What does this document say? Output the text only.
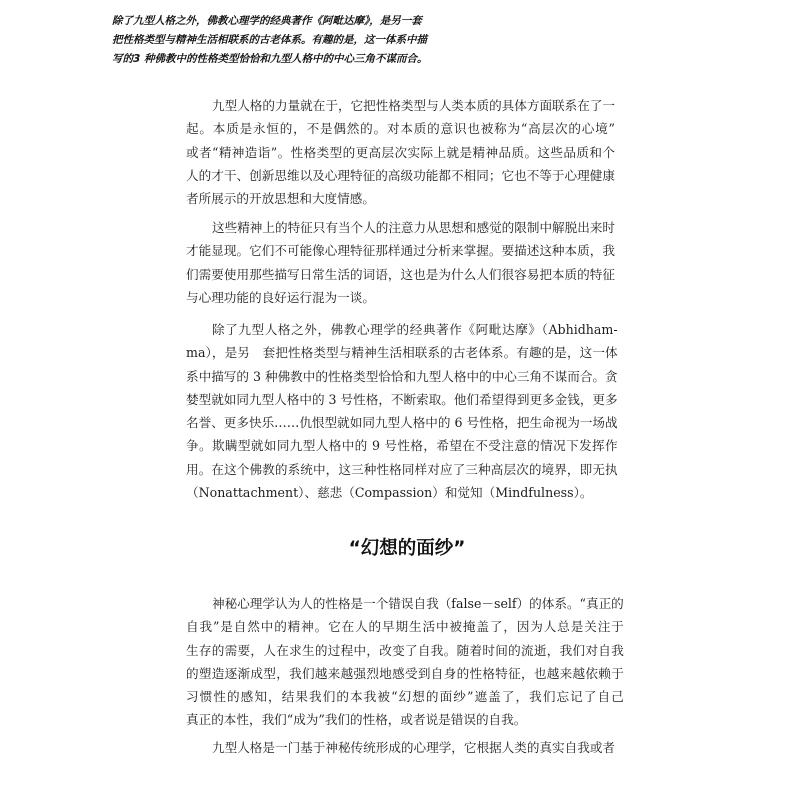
除了九型人格之外，佛教心理学的经典著作《阿毗达摩》，是另一套
把性格类型与精神生活相联系的古老体系。有趣的是，这一体系中描
写的3 种佛教中的性格类型恰恰和九型人格中的中心三角不谋而合。

九型人格的力量就在于，它把性格类型与人类本质的具体方面联系在了一
起。本质是永恒的，不是偶然的。对本质的意识也被称为“高层次的心境”
或者“精神造诣”。性格类型的更高层次实际上就是精神品质。这些品质和个
人的才干、创新思维以及心理特征的高级功能都不相同；它也不等于心理健康
者所展示的开放思想和大度情感。

这些精神上的特征只有当个人的注意力从思想和感觉的限制中解脱出来时
才能显现。它们不可能像心理特征那样通过分析来掌握。要描述这种本质，我
们需要使用那些描写日常生活的词语，这也是为什么人们很容易把本质的特征
与心理功能的良好运行混为一谈。

除了九型人格之外，佛教心理学的经典著作《阿毗达摩》（Abhidham-
ma），是另　套把性格类型与精神生活相联系的古老体系。有趣的是，这一体
系中描写的 3 种佛教中的性格类型恰恰和九型人格中的中心三角不谋而合。贪
婪型就如同九型人格中的 3 号性格，不断索取。他们希望得到更多金钱，更多
名誉、更多快乐……仇恨型就如同九型人格中的 6 号性格，把生命视为一场战
争。欺瞒型就如同九型人格中的 9 号性格，希望在不受注意的情况下发挥作
用。在这个佛教的系统中，这三种性格同样对应了三种高层次的境界，即无执
（Nonattachment）、慈悲（Compassion）和觉知（Mindfulness）。

“幻想的面纱”

神秘心理学认为人的性格是一个错误自我（false－self）的体系。“真正的
自我”是自然中的精神。它在人的早期生活中被掩盖了，因为人总是关注于
生存的需要，人在求生的过程中，改变了自我。随着时间的流逝，我们对自我
的塑造逐渐成型，我们越来越强烈地感受到自身的性格特征，也越来越依赖于
习惯性的感知，结果我们的本我被“幻想的面纱”遮盖了，我们忘记了自己
真正的本性，我们“成为”我们的性格，或者说是错误的自我。

九型人格是一门基于神秘传统形成的心理学，它根据人类的真实自我或者
